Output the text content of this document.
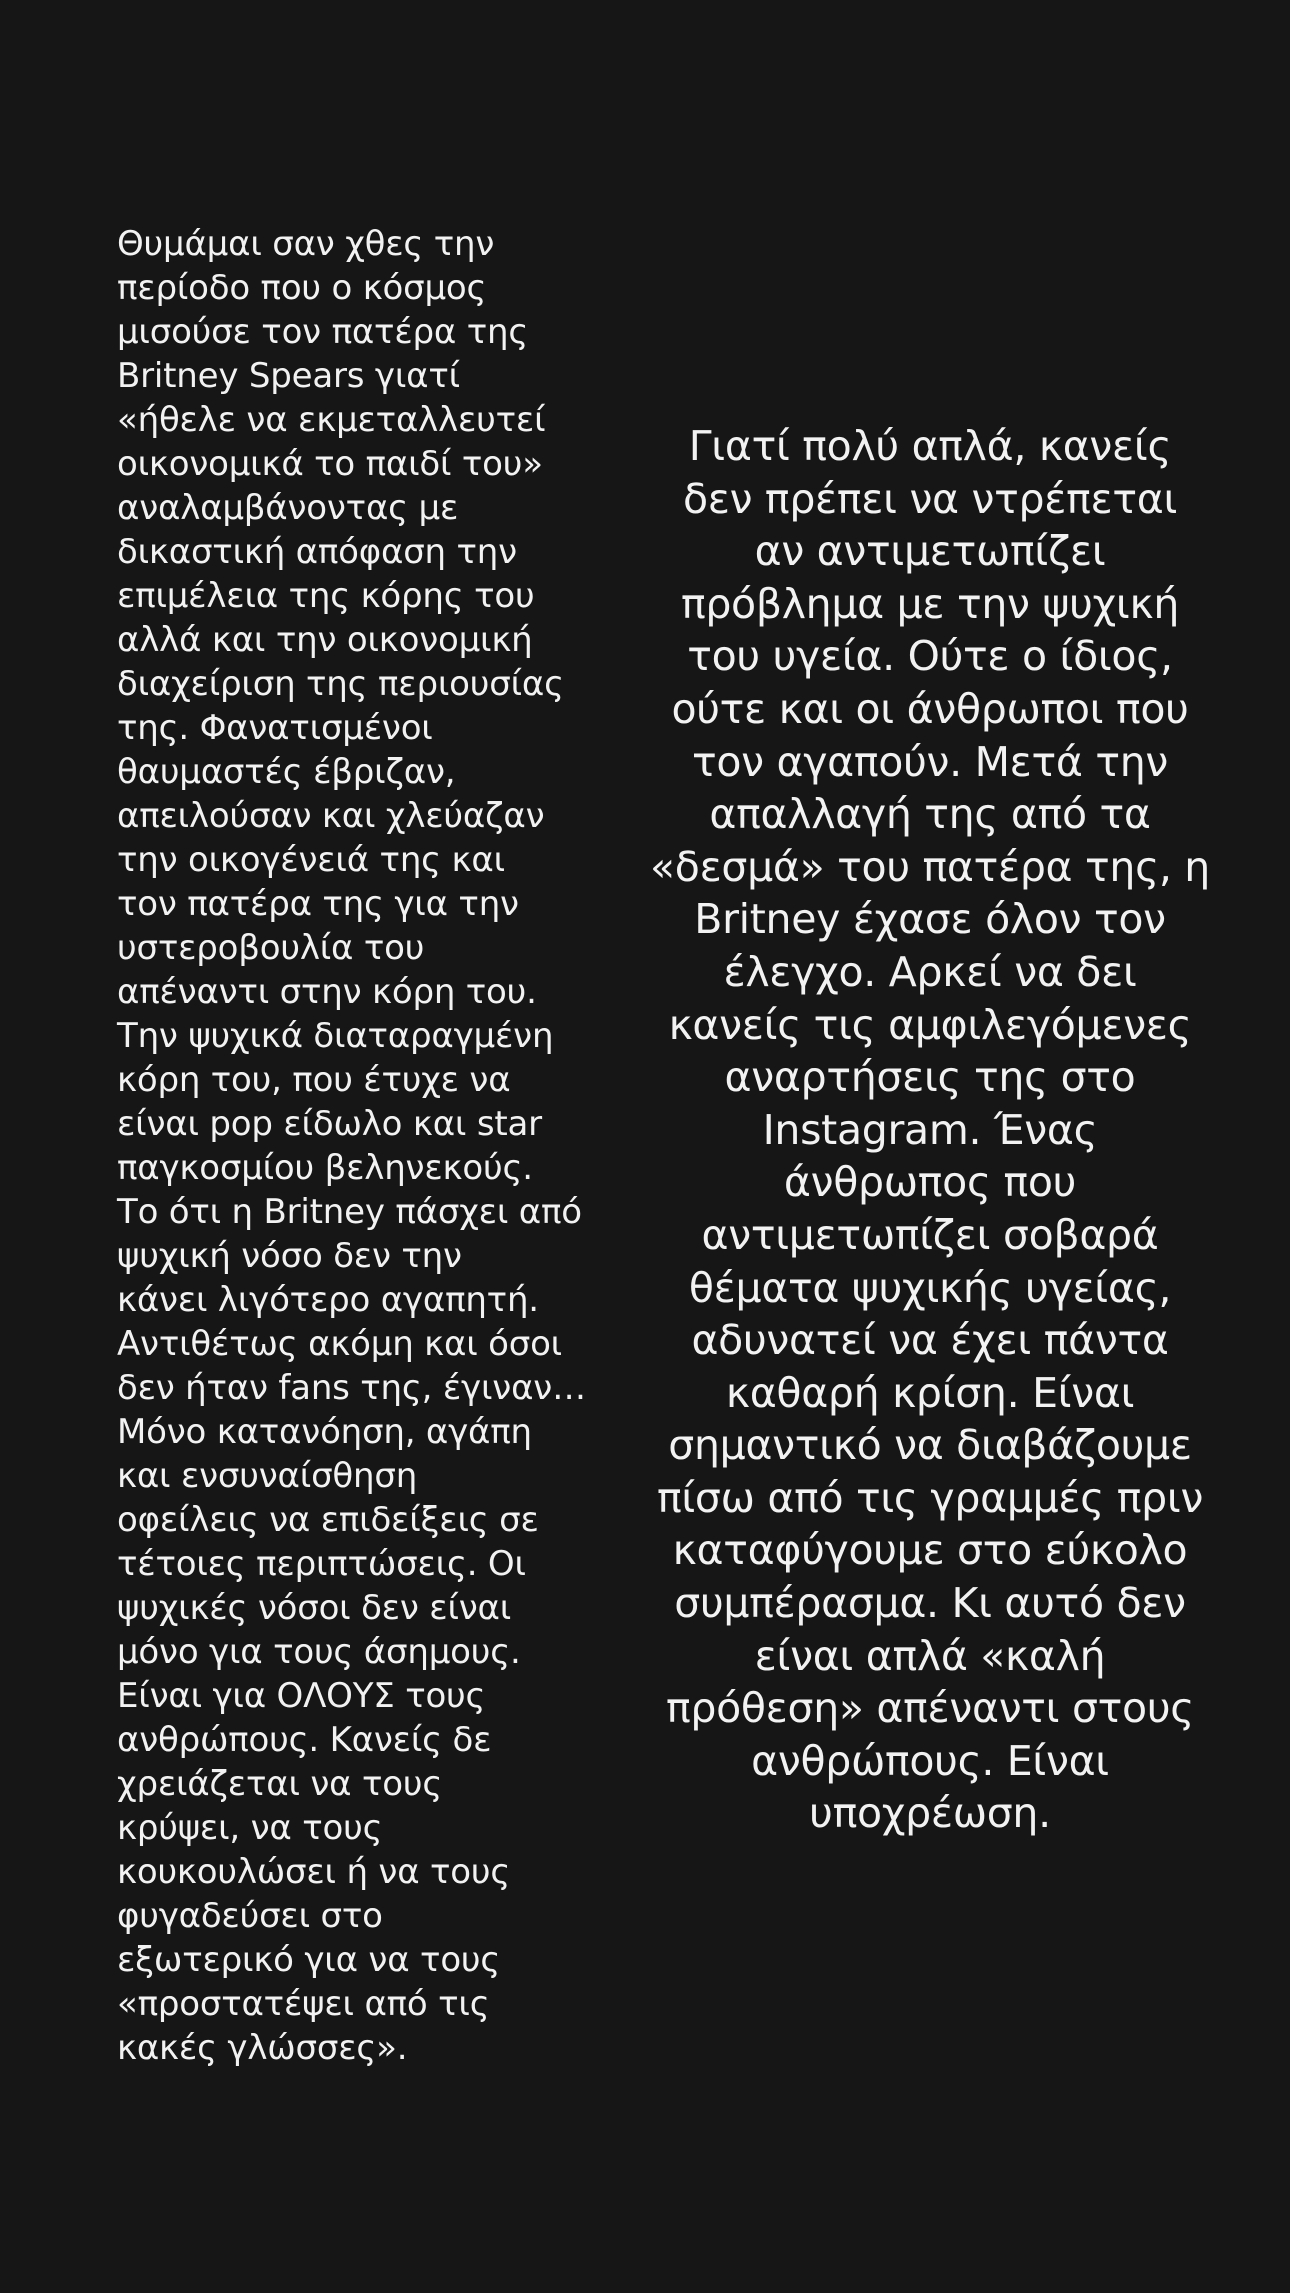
Θυμάμαι σαν χθες την
περίοδο που ο κόσμος
μισούσε τον πατέρα της
Britney Spears γιατί
«ήθελε να εκμεταλλευτεί
οικονομικά το παιδί του»
αναλαμβάνοντας με
δικαστική απόφαση την
επιμέλεια της κόρης του
αλλά και την οικονομική
διαχείριση της περιουσίας
της. Φανατισμένοι
θαυμαστές έβριζαν,
απειλούσαν και χλεύαζαν
την οικογένειά της και
τον πατέρα της για την
υστεροβουλία του
απέναντι στην κόρη του.
Την ψυχικά διαταραγμένη
κόρη του, που έτυχε να
είναι pop είδωλο και star
παγκοσμίου βεληνεκούς.
Το ότι η Britney πάσχει από
ψυχική νόσο δεν την
κάνει λιγότερο αγαπητή.
Αντιθέτως ακόμη και όσοι
δεν ήταν fans της, έγιναν…
Μόνο κατανόηση, αγάπη
και ενσυναίσθηση
οφείλεις να επιδείξεις σε
τέτοιες περιπτώσεις. Οι
ψυχικές νόσοι δεν είναι
μόνο για τους άσημους.
Είναι για ΟΛΟΥΣ τους
ανθρώπους. Κανείς δε
χρειάζεται να τους
κρύψει, να τους
κουκουλώσει ή να τους
φυγαδεύσει στο
εξωτερικό για να τους
«προστατέψει από τις
κακές γλώσσες».

Γιατί πολύ απλά, κανείς
δεν πρέπει να ντρέπεται
αν αντιμετωπίζει
πρόβλημα με την ψυχική
του υγεία. Ούτε ο ίδιος,
ούτε και οι άνθρωποι που
τον αγαπούν. Μετά την
απαλλαγή της από τα
«δεσμά» του πατέρα της, η
Britney έχασε όλον τον
έλεγχο. Αρκεί να δει
κανείς τις αμφιλεγόμενες
αναρτήσεις της στο
Instagram. Ένας
άνθρωπος που
αντιμετωπίζει σοβαρά
θέματα ψυχικής υγείας,
αδυνατεί να έχει πάντα
καθαρή κρίση. Είναι
σημαντικό να διαβάζουμε
πίσω από τις γραμμές πριν
καταφύγουμε στο εύκολο
συμπέρασμα. Κι αυτό δεν
είναι απλά «καλή
πρόθεση» απέναντι στους
ανθρώπους. Είναι
υποχρέωση.
